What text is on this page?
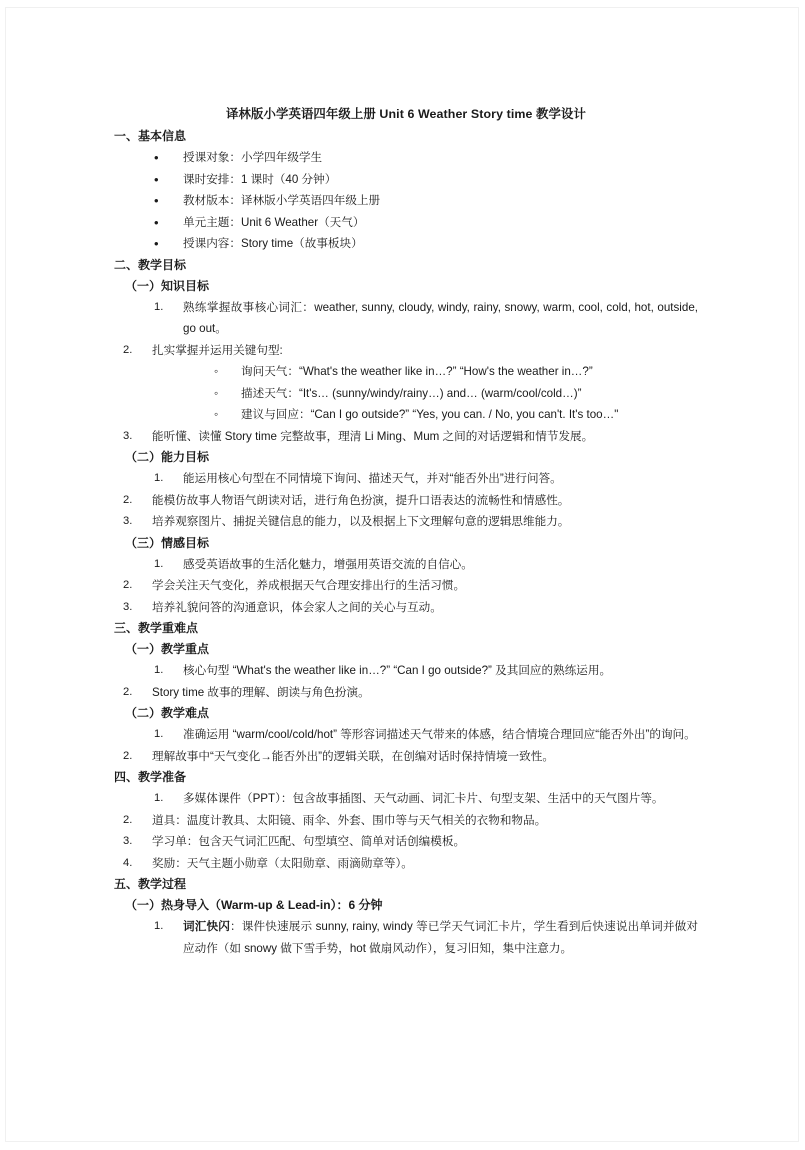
译林版小学英语四年级上册 Unit 6 Weather Story time 教学设计
一、基本信息
• 授课对象：小学四年级学生
• 课时安排：1 课时（40 分钟）
• 教材版本：译林版小学英语四年级上册
• 单元主题：Unit 6 Weather（天气）
• 授课内容：Story time（故事板块）
二、教学目标
（一）知识目标
1. 熟练掌握故事核心词汇：weather, sunny, cloudy, windy, rainy, snowy, warm, cool, cold, hot, outside, go out。
2. 扎实掌握并运用关键句型:
◦ 询问天气：“What's the weather like in…?” “How's the weather in…?”
◦ 描述天气：“It's… (sunny/windy/rainy…) and… (warm/cool/cold…)”
◦ 建议与回应：“Can I go outside?” “Yes, you can. / No, you can't. It's too…"
3. 能听懂、读懂 Story time 完整故事，理清 Li Ming、Mum 之间的对话逻辑和情节发展。
（二）能力目标
1. 能运用核心句型在不同情境下询问、描述天气，并对“能否外出”进行问答。
2. 能模仿故事人物语气朗读对话，进行角色扮演，提升口语表达的流畅性和情感性。
3. 培养观察图片、捕捉关键信息的能力，以及根据上下文理解句意的逻辑思维能力。
（三）情感目标
1. 感受英语故事的生活化魅力，增强用英语交流的自信心。
2. 学会关注天气变化，养成根据天气合理安排出行的生活习惯。
3. 培养礼貌问答的沟通意识，体会家人之间的关心与互动。
三、教学重难点
（一）教学重点
1. 核心句型 “What's the weather like in…?” “Can I go outside?” 及其回应的熟练运用。
2. Story time 故事的理解、朗读与角色扮演。
（二）教学难点
1. 准确运用 “warm/cool/cold/hot” 等形容词描述天气带来的体感，结合情境合理回应“能否外出”的询问。
2. 理解故事中“天气变化→能否外出”的逻辑关联，在创编对话时保持情境一致性。
四、教学准备
1. 多媒体课件（PPT）：包含故事插图、天气动画、词汇卡片、句型支架、生活中的天气图片等。
2. 道具：温度计教具、太阳镜、雨伞、外套、围巾等与天气相关的衣物和物品。
3. 学习单：包含天气词汇匹配、句型填空、简单对话创编模板。
4. 奖励：天气主题小勋章（太阳勋章、雨滴勋章等）。
五、教学过程
（一）热身导入（Warm-up & Lead-in）：6 分钟
1. 词汇快闪：课件快速展示 sunny, rainy, windy 等已学天气词汇卡片，学生看到后快速说出单词并做对应动作（如 snowy 做下雪手势，hot 做扇风动作），复习旧知，集中注意力。
